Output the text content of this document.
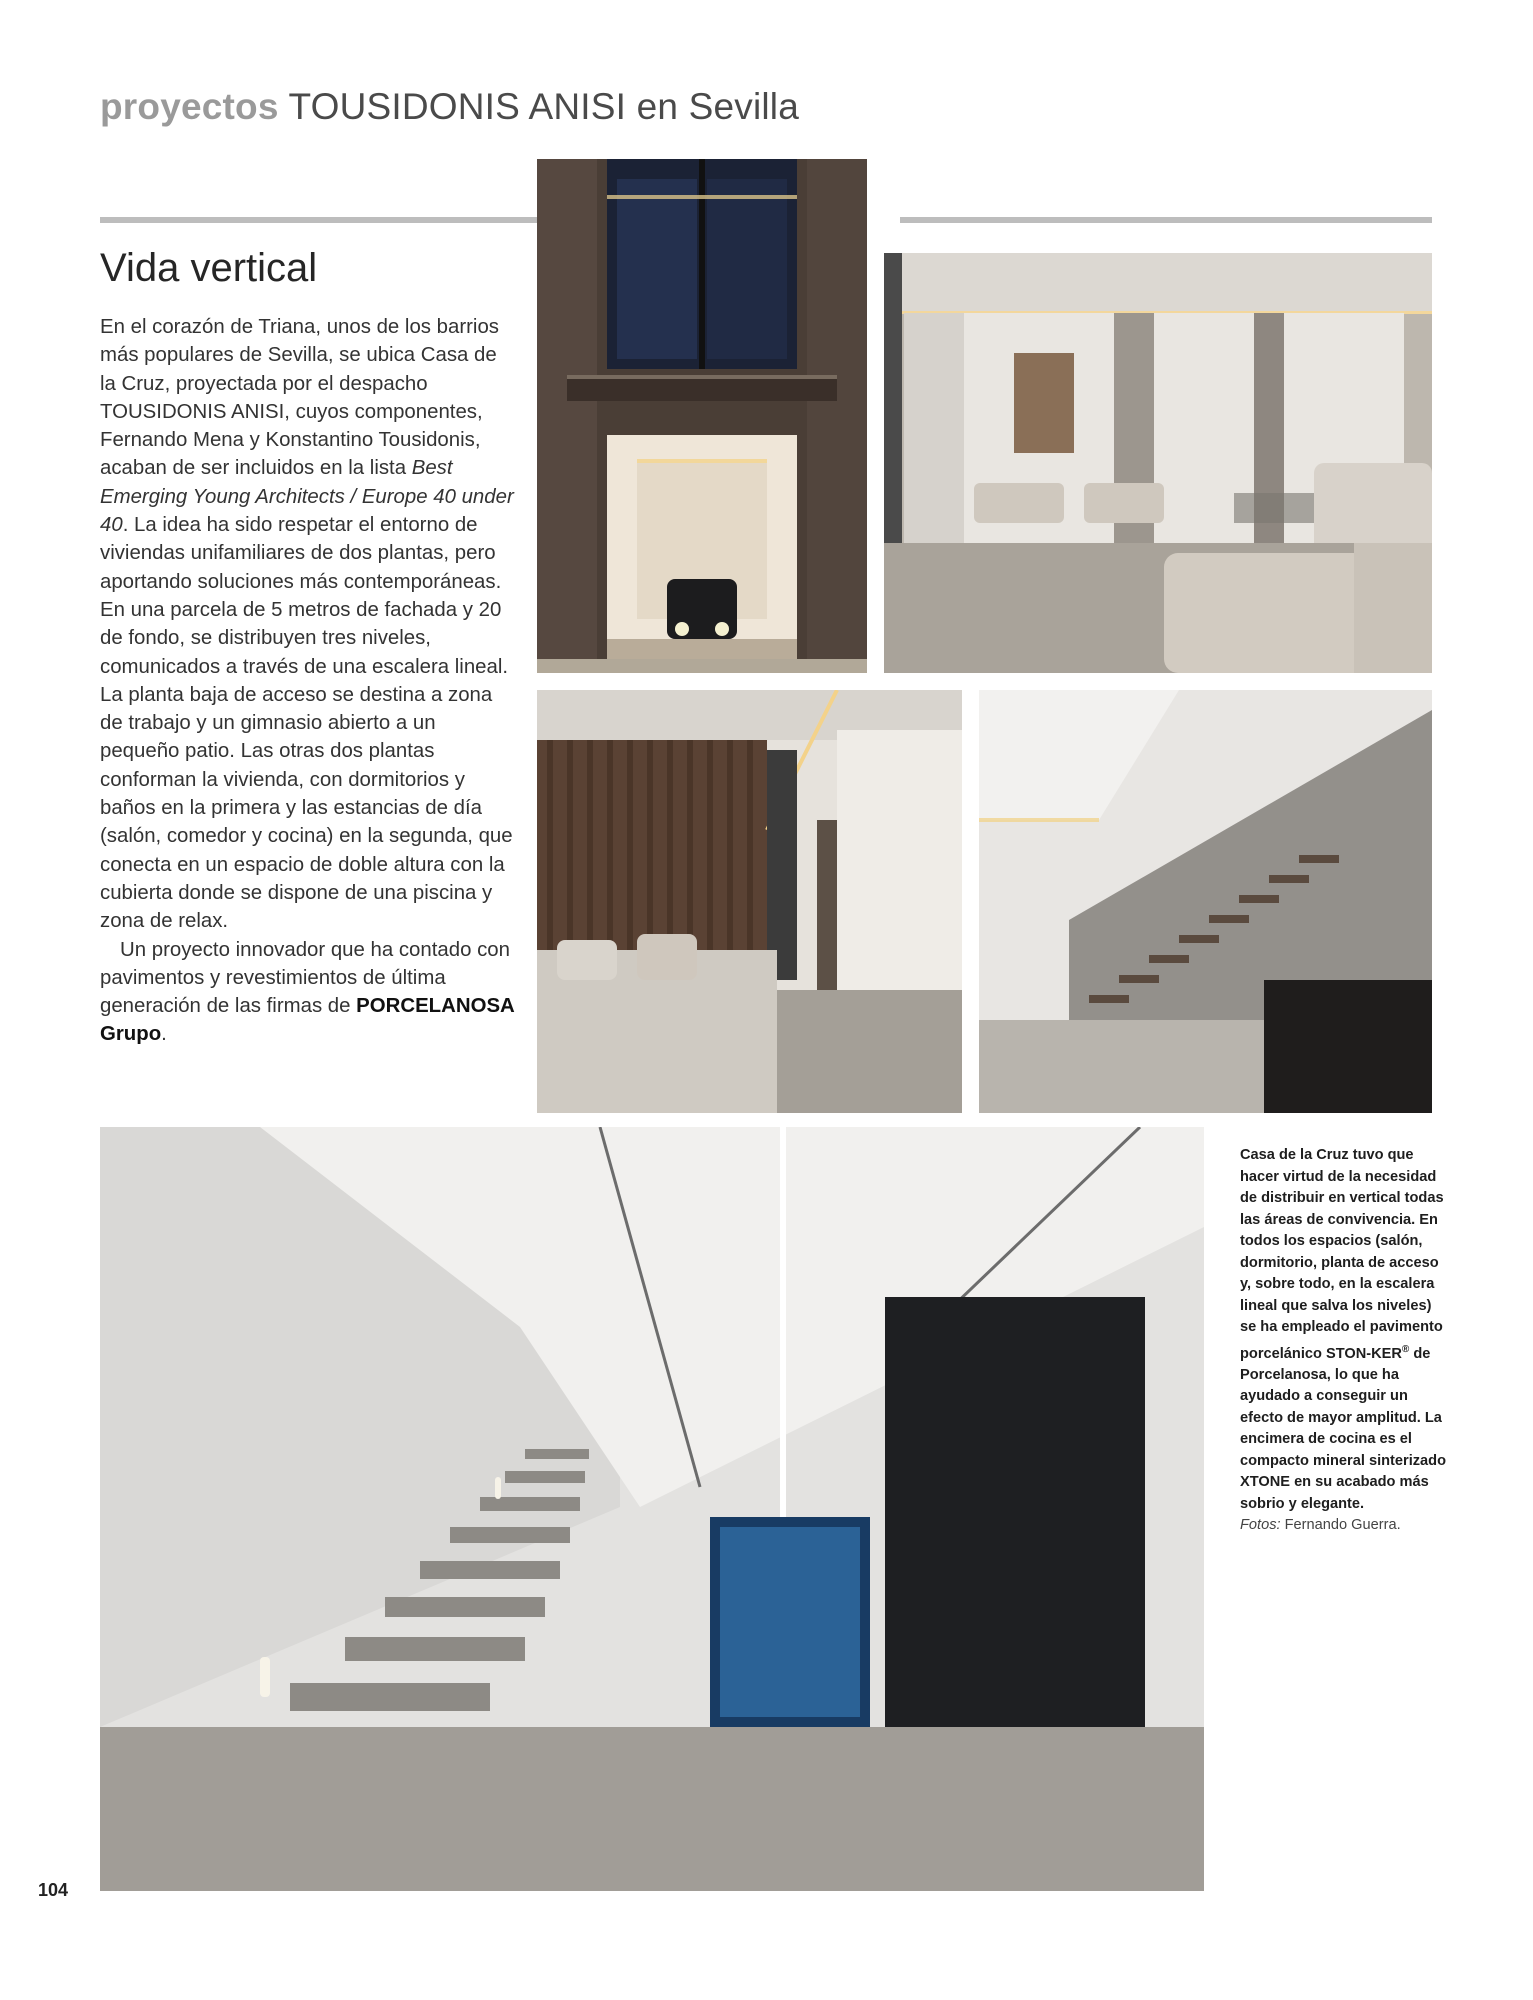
proyectos TOUSIDONIS ANISI en Sevilla
Vida vertical

En el corazón de Triana, unos de los barrios más populares de Sevilla, se ubica Casa de la Cruz, proyectada por el despacho TOUSIDONIS ANISI, cuyos componentes, Fernando Mena y Konstantino Tousidonis, acaban de ser incluidos en la lista Best Emerging Young Architects / Europe 40 under 40. La idea ha sido respetar el entorno de viviendas unifamiliares de dos plantas, pero aportando soluciones más contemporáneas. En una parcela de 5 metros de fachada y 20 de fondo, se distribuyen tres niveles, comunicados a través de una escalera lineal. La planta baja de acceso se destina a zona de trabajo y un gimnasio abierto a un pequeño patio. Las otras dos plantas conforman la vivienda, con dormitorios y baños en la primera y las estancias de día (salón, comedor y cocina) en la segunda, que conecta en un espacio de doble altura con la cubierta donde se dispone de una piscina y zona de relax.

Un proyecto innovador que ha contado con pavimentos y revestimientos de última generación de las firmas de PORCELANOSA Grupo.

Casa de la Cruz tuvo que hacer virtud de la necesidad de distribuir en vertical todas las áreas de convivencia. En todos los espacios (salón, dormitorio, planta de acceso y, sobre todo, en la escalera lineal que salva los niveles) se ha empleado el pavimento porcelánico STON-KER® de Porcelanosa, lo que ha ayudado a conseguir un efecto de mayor amplitud. La encimera de cocina es el compacto mineral sinterizado XTONE en su acabado más sobrio y elegante.
Fotos: Fernando Guerra.
104
